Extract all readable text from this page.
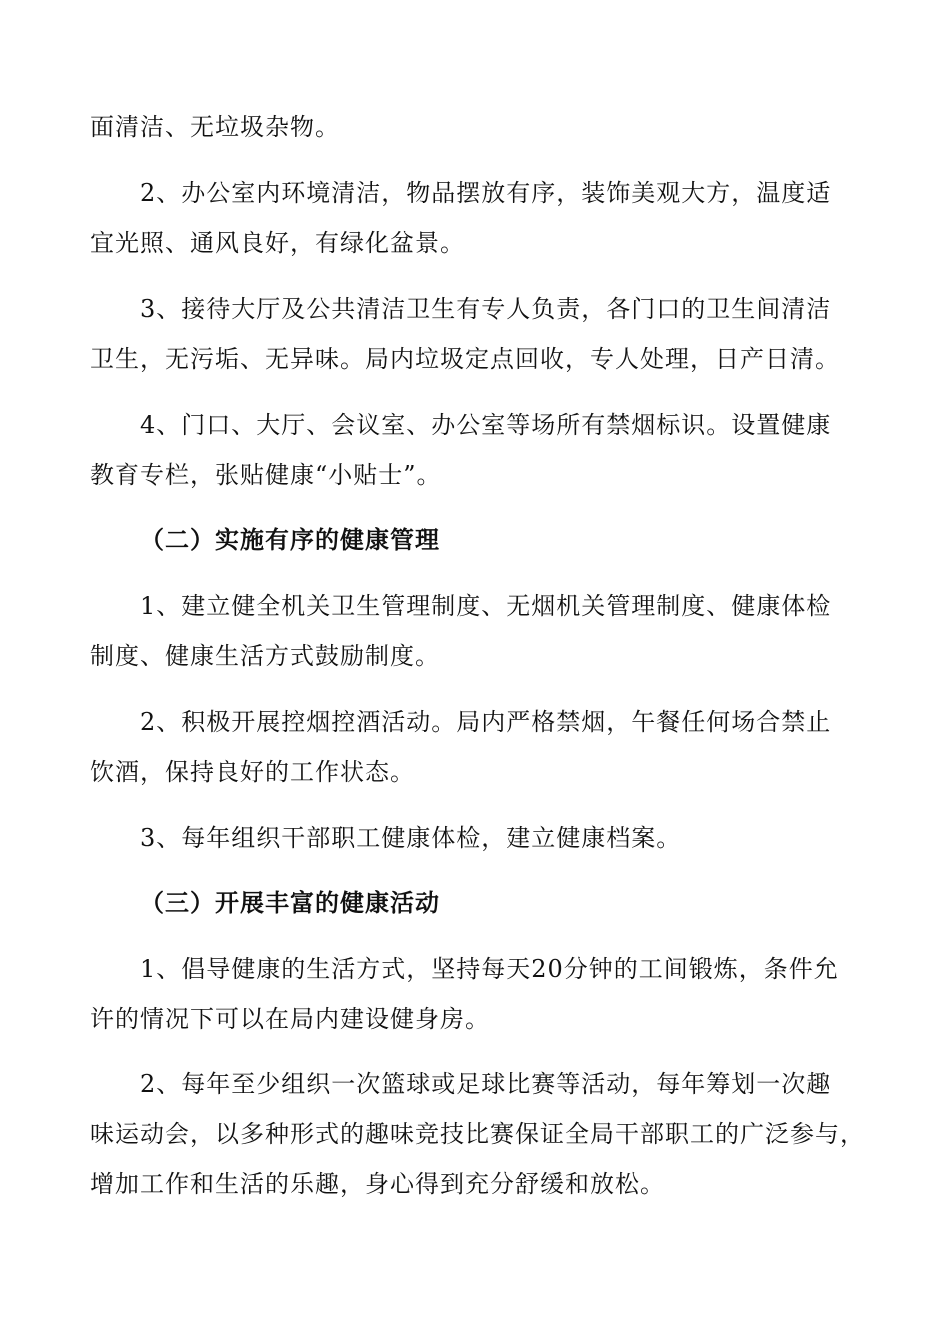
面清洁、无垃圾杂物。
2、办公室内环境清洁，物品摆放有序，装饰美观大方，温度适
宜光照、通风良好，有绿化盆景。
3、接待大厅及公共清洁卫生有专人负责，各门口的卫生间清洁
卫生，无污垢、无异味。局内垃圾定点回收，专人处理，日产日清。
4、门口、大厅、会议室、办公室等场所有禁烟标识。设置健康
教育专栏，张贴健康“小贴士”。
（二）实施有序的健康管理
1、建立健全机关卫生管理制度、无烟机关管理制度、健康体检
制度、健康生活方式鼓励制度。
2、积极开展控烟控酒活动。局内严格禁烟，午餐任何场合禁止
饮酒，保持良好的工作状态。
3、每年组织干部职工健康体检，建立健康档案。
（三）开展丰富的健康活动
1、倡导健康的生活方式，坚持每天20分钟的工间锻炼，条件允
许的情况下可以在局内建设健身房。
2、每年至少组织一次篮球或足球比赛等活动，每年筹划一次趣
味运动会，以多种形式的趣味竞技比赛保证全局干部职工的广泛参与，
增加工作和生活的乐趣，身心得到充分舒缓和放松。
